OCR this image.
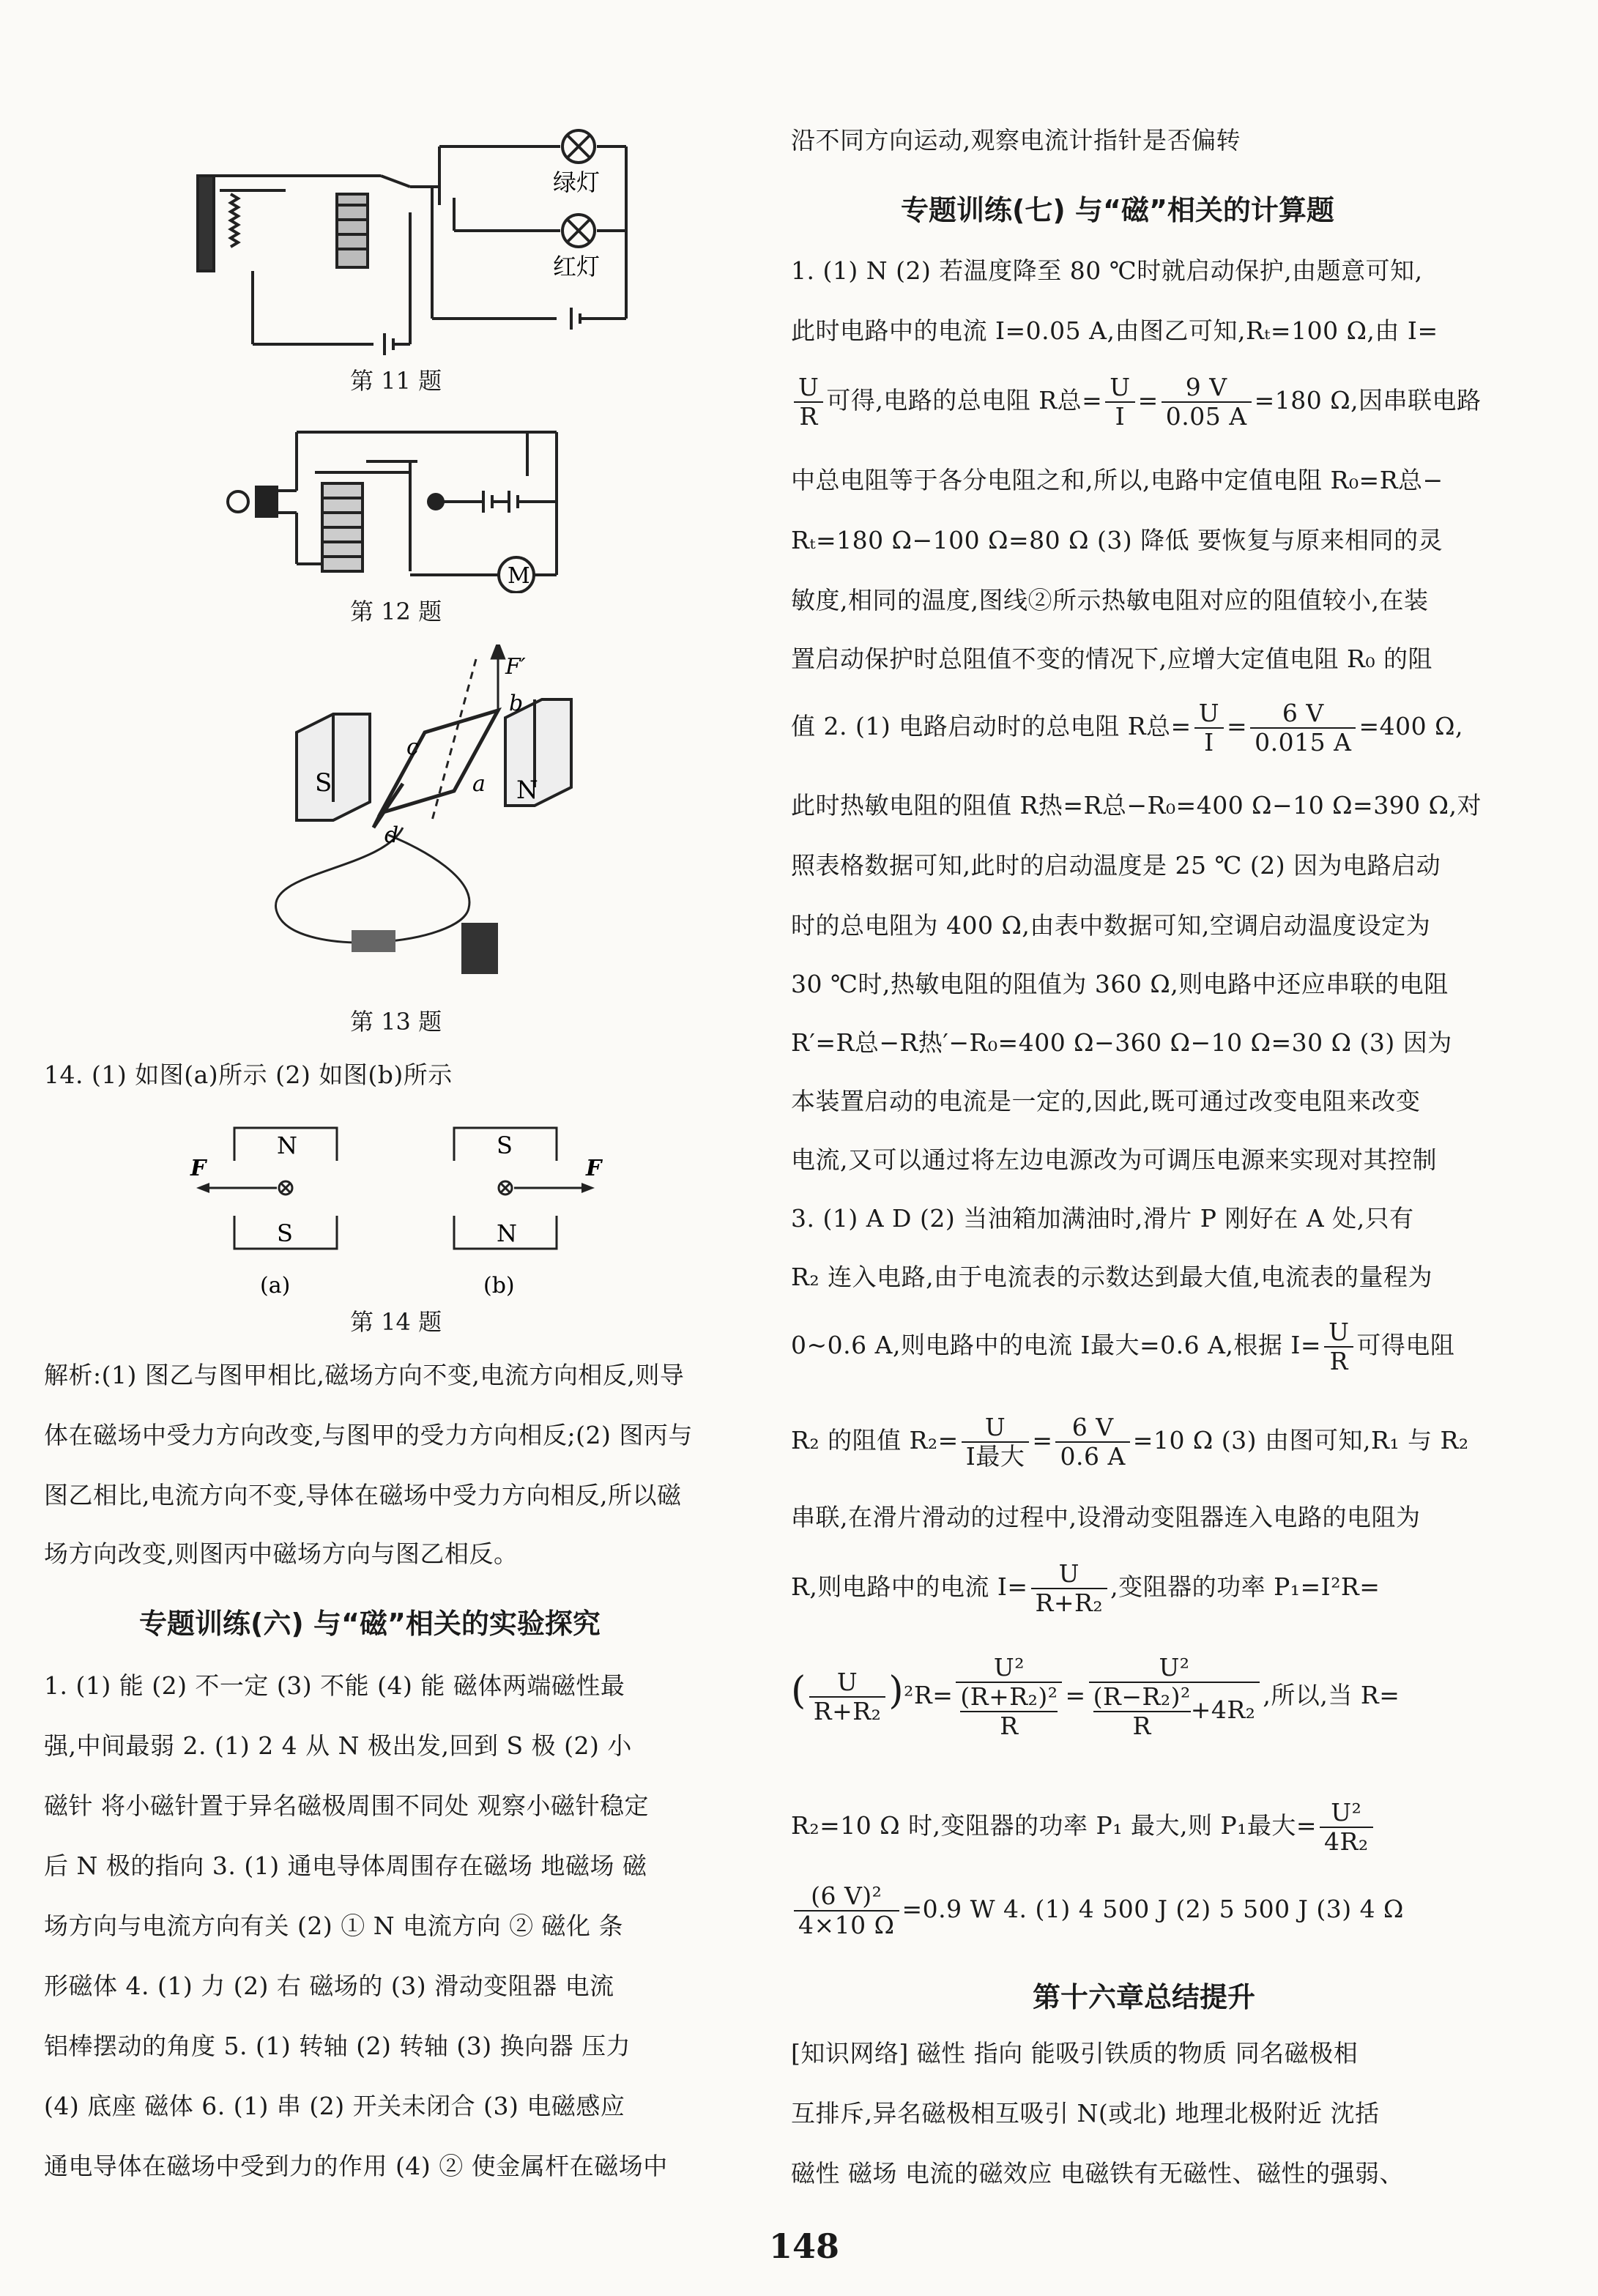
绿灯
红灯
第 11 题
M
第 12 题
S	N
F′
b
c
a
d
第 13 题
14. (1) 如图(a)所示 (2) 如图(b)所示
N
S
F
(a)
S
N
F
(b)
第 14 题
解析:(1) 图乙与图甲相比,磁场方向不变,电流方向相反,则导
体在磁场中受力方向改变,与图甲的受力方向相反;(2) 图丙与
图乙相比,电流方向不变,导体在磁场中受力方向相反,所以磁
场方向改变,则图丙中磁场方向与图乙相反。
专题训练(六) 与“磁”相关的实验探究
1. (1) 能 (2) 不一定 (3) 不能 (4) 能 磁体两端磁性最
强,中间最弱 2. (1) 2 4 从 N 极出发,回到 S 极 (2) 小
磁针 将小磁针置于异名磁极周围不同处 观察小磁针稳定
后 N 极的指向 3. (1) 通电导体周围存在磁场 地磁场 磁
场方向与电流方向有关 (2) ① N 电流方向 ② 磁化 条
形磁体 4. (1) 力 (2) 右 磁场的 (3) 滑动变阻器 电流
铝棒摆动的角度 5. (1) 转轴 (2) 转轴 (3) 换向器 压力
(4) 底座 磁体 6. (1) 串 (2) 开关未闭合 (3) 电磁感应
通电导体在磁场中受到力的作用 (4) ② 使金属杆在磁场中
沿不同方向运动,观察电流计指针是否偏转
专题训练(七) 与“磁”相关的计算题
1. (1) N (2) 若温度降至 80 ℃时就启动保护,由题意可知,
此时电路中的电流 I=0.05 A,由图乙可知,Rₜ=100 Ω,由 I=
$\frac{U}{R}$ 可得,电路的总电阻 R总= $\frac{U}{I} = \frac{9 V}{0.05 A} =180$ Ω,因串联电路
中总电阻等于各分电阻之和,所以,电路中定值电阻 R₀=R总−
Rₜ=180 Ω−100 Ω=80 Ω (3) 降低 要恢复与原来相同的灵
敏度,相同的温度,图线②所示热敏电阻对应的阻值较小,在装
置启动保护时总阻值不变的情况下,应增大定值电阻 R₀ 的阻
值 2. (1) 电路启动时的总电阻 R总= $\frac{U}{I} = \frac{6 V}{0.015 A} =400$ Ω,
此时热敏电阻的阻值 R热=R总−R₀=400 Ω−10 Ω=390 Ω,对
照表格数据可知,此时的启动温度是 25 ℃ (2) 因为电路启动
时的总电阻为 400 Ω,由表中数据可知,空调启动温度设定为
30 ℃时,热敏电阻的阻值为 360 Ω,则电路中还应串联的电阻
R′=R总−R热′−R₀=400 Ω−360 Ω−10 Ω=30 Ω (3) 因为
本装置启动的电流是一定的,因此,既可通过改变电阻来改变
电流,又可以通过将左边电源改为可调压电源来实现对其控制
3. (1) A D (2) 当油箱加满油时,滑片 P 刚好在 A 处,只有
R₂ 连入电路,由于电流表的示数达到最大值,电流表的量程为
0~0.6 A,则电路中的电流 I最大=0.6 A,根据 $I= \frac{U}{R}$ 可得电阻
R₂ 的阻值 $R_2= \frac{U}{\text{I最大}} = \frac{6 V}{0.6 A} =10$ Ω (3) 由图可知,R₁ 与 R₂
串联,在滑片滑动的过程中,设滑动变阻器连入电路的电阻为
R,则电路中的电流 $I= \frac{U}{\text{R+R₂}}$ ,变阻器的功率 P₁=I²R=
( $\frac{U}{\text{R+R₂}} )^2R= U^2$
(R+R₂)²
$R = \frac{\text{U²}}{\frac{\text{(R−R₂)²}}{R} +4R_2}$ ,所以,当 R=
R₂=10 Ω 时,变阻器的功率 P₁ 最大,则 P₁最大= $\frac{\text{U²}}{\text{4R₂}}$
$\frac{\text{(6 V)²}}{4\times 10 \Omega} =0.9$ W 4. (1) 4 500 J (2) 5 500 J (3) 4 Ω
第十六章总结提升
[知识网络] 磁性 指向 能吸引铁质的物质 同名磁极相
互排斥,异名磁极相互吸引 N(或北) 地理北极附近 沈括
磁性 磁场 电流的磁效应 电磁铁有无磁性、磁性的强弱、
148
